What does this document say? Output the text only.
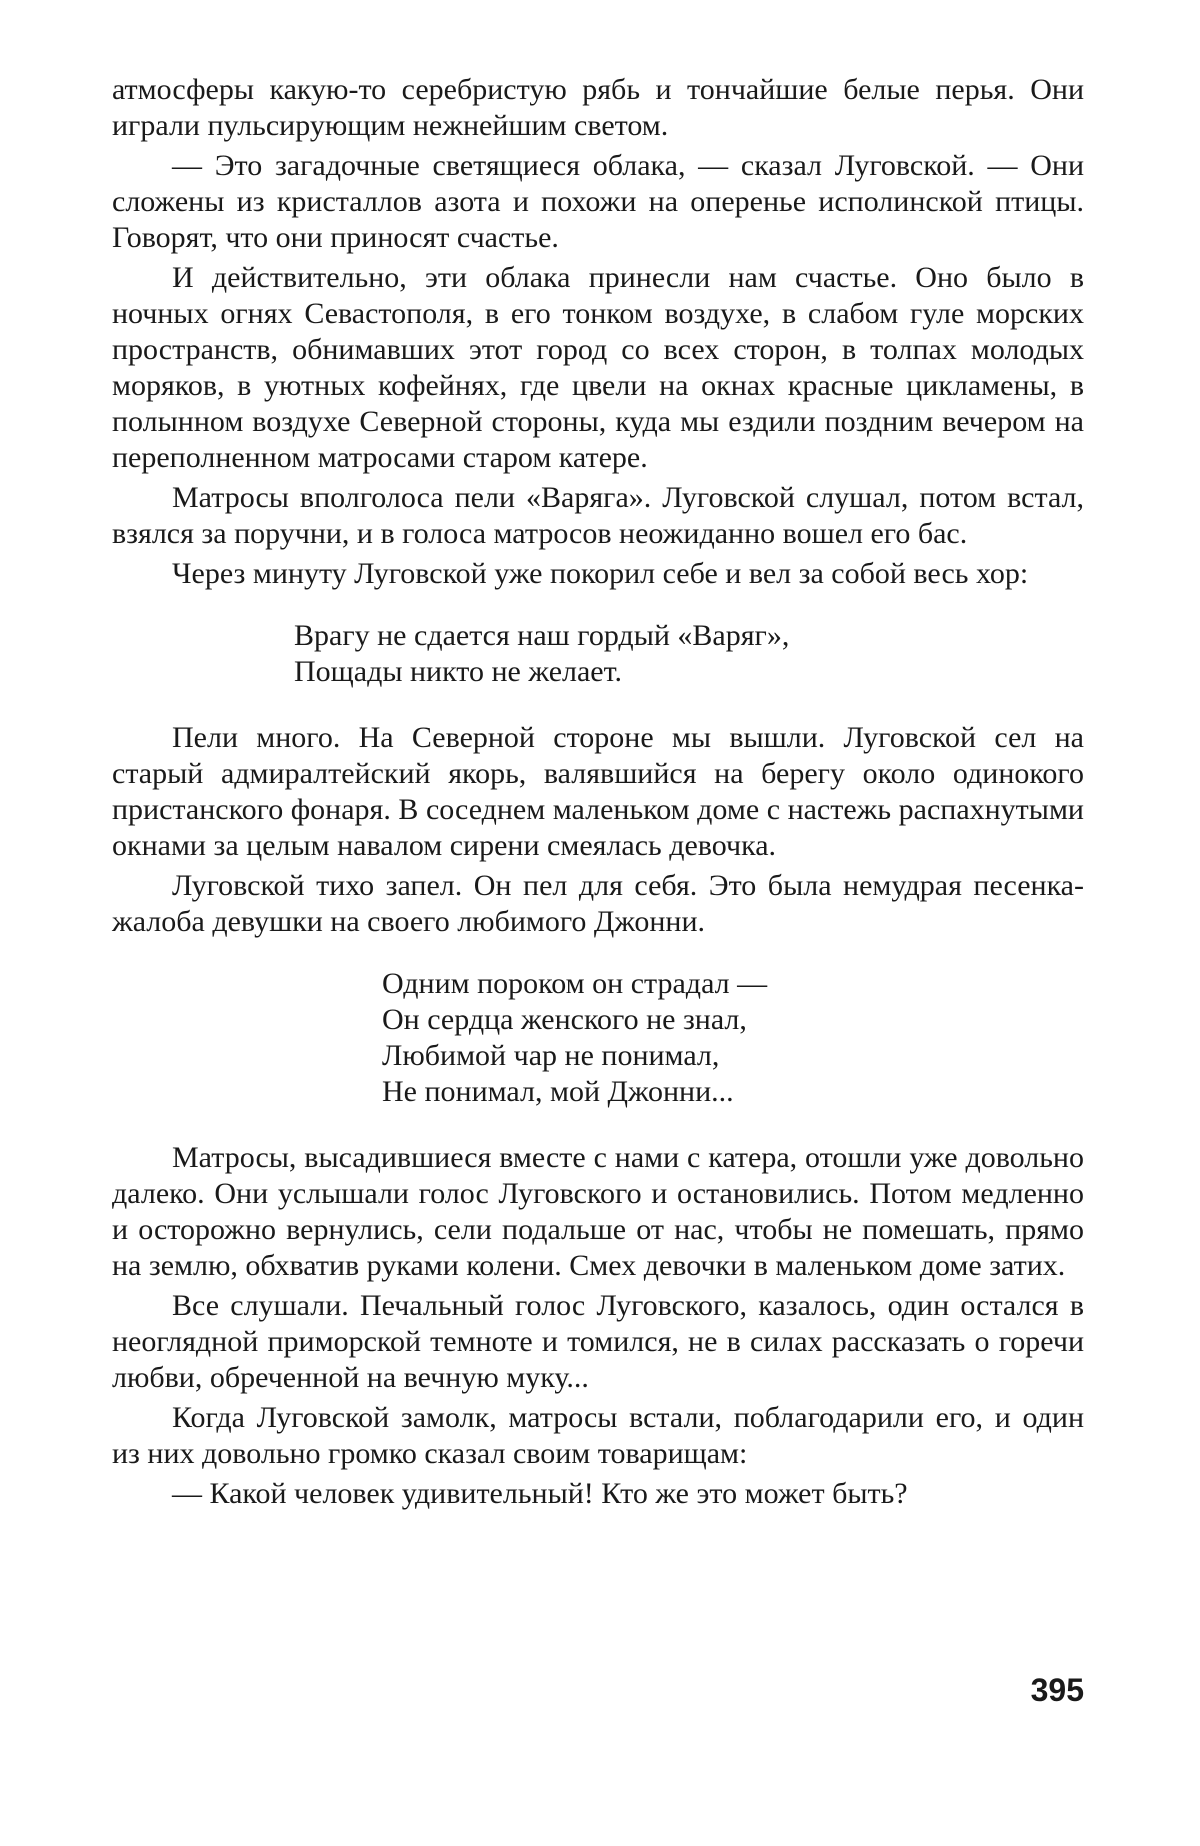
атмосферы какую-то серебристую рябь и тончайшие белые перья. Они играли пульсирующим нежнейшим светом.

— Это загадочные светящиеся облака, — сказал Луговской. — Они сложены из кристаллов азота и похожи на оперенье исполинской птицы. Говорят, что они приносят счастье.

И действительно, эти облака принесли нам счастье. Оно было в ночных огнях Севастополя, в его тонком воздухе, в слабом гуле морских пространств, обнимавших этот город со всех сторон, в толпах молодых моряков, в уютных кофейнях, где цвели на окнах красные цикламены, в полынном воздухе Северной стороны, куда мы ездили поздним вечером на переполненном матросами старом катере.

Матросы вполголоса пели «Варяга». Луговской слушал, потом встал, взялся за поручни, и в голоса матросов неожиданно вошел его бас.

Через минуту Луговской уже покорил себе и вел за собой весь хор:

Врагу не сдается наш гордый «Варяг»,
Пощады никто не желает.

Пели много. На Северной стороне мы вышли. Луговской сел на старый адмиралтейский якорь, валявшийся на берегу около одинокого пристанского фонаря. В соседнем маленьком доме с настежь распахнутыми окнами за целым навалом сирени смеялась девочка.

Луговской тихо запел. Он пел для себя. Это была немудрая песенка-жалоба девушки на своего любимого Джонни.

Одним пороком он страдал —
Он сердца женского не знал,
Любимой чар не понимал,
Не понимал, мой Джонни...

Матросы, высадившиеся вместе с нами с катера, отошли уже довольно далеко. Они услышали голос Луговского и остановились. Потом медленно и осторожно вернулись, сели подальше от нас, чтобы не помешать, прямо на землю, обхватив руками колени. Смех девочки в маленьком доме затих.

Все слушали. Печальный голос Луговского, казалось, один остался в неоглядной приморской темноте и томился, не в силах рассказать о горечи любви, обреченной на вечную муку...

Когда Луговской замолк, матросы встали, поблагодарили его, и один из них довольно громко сказал своим товарищам:

— Какой человек удивительный! Кто же это может быть?

395
